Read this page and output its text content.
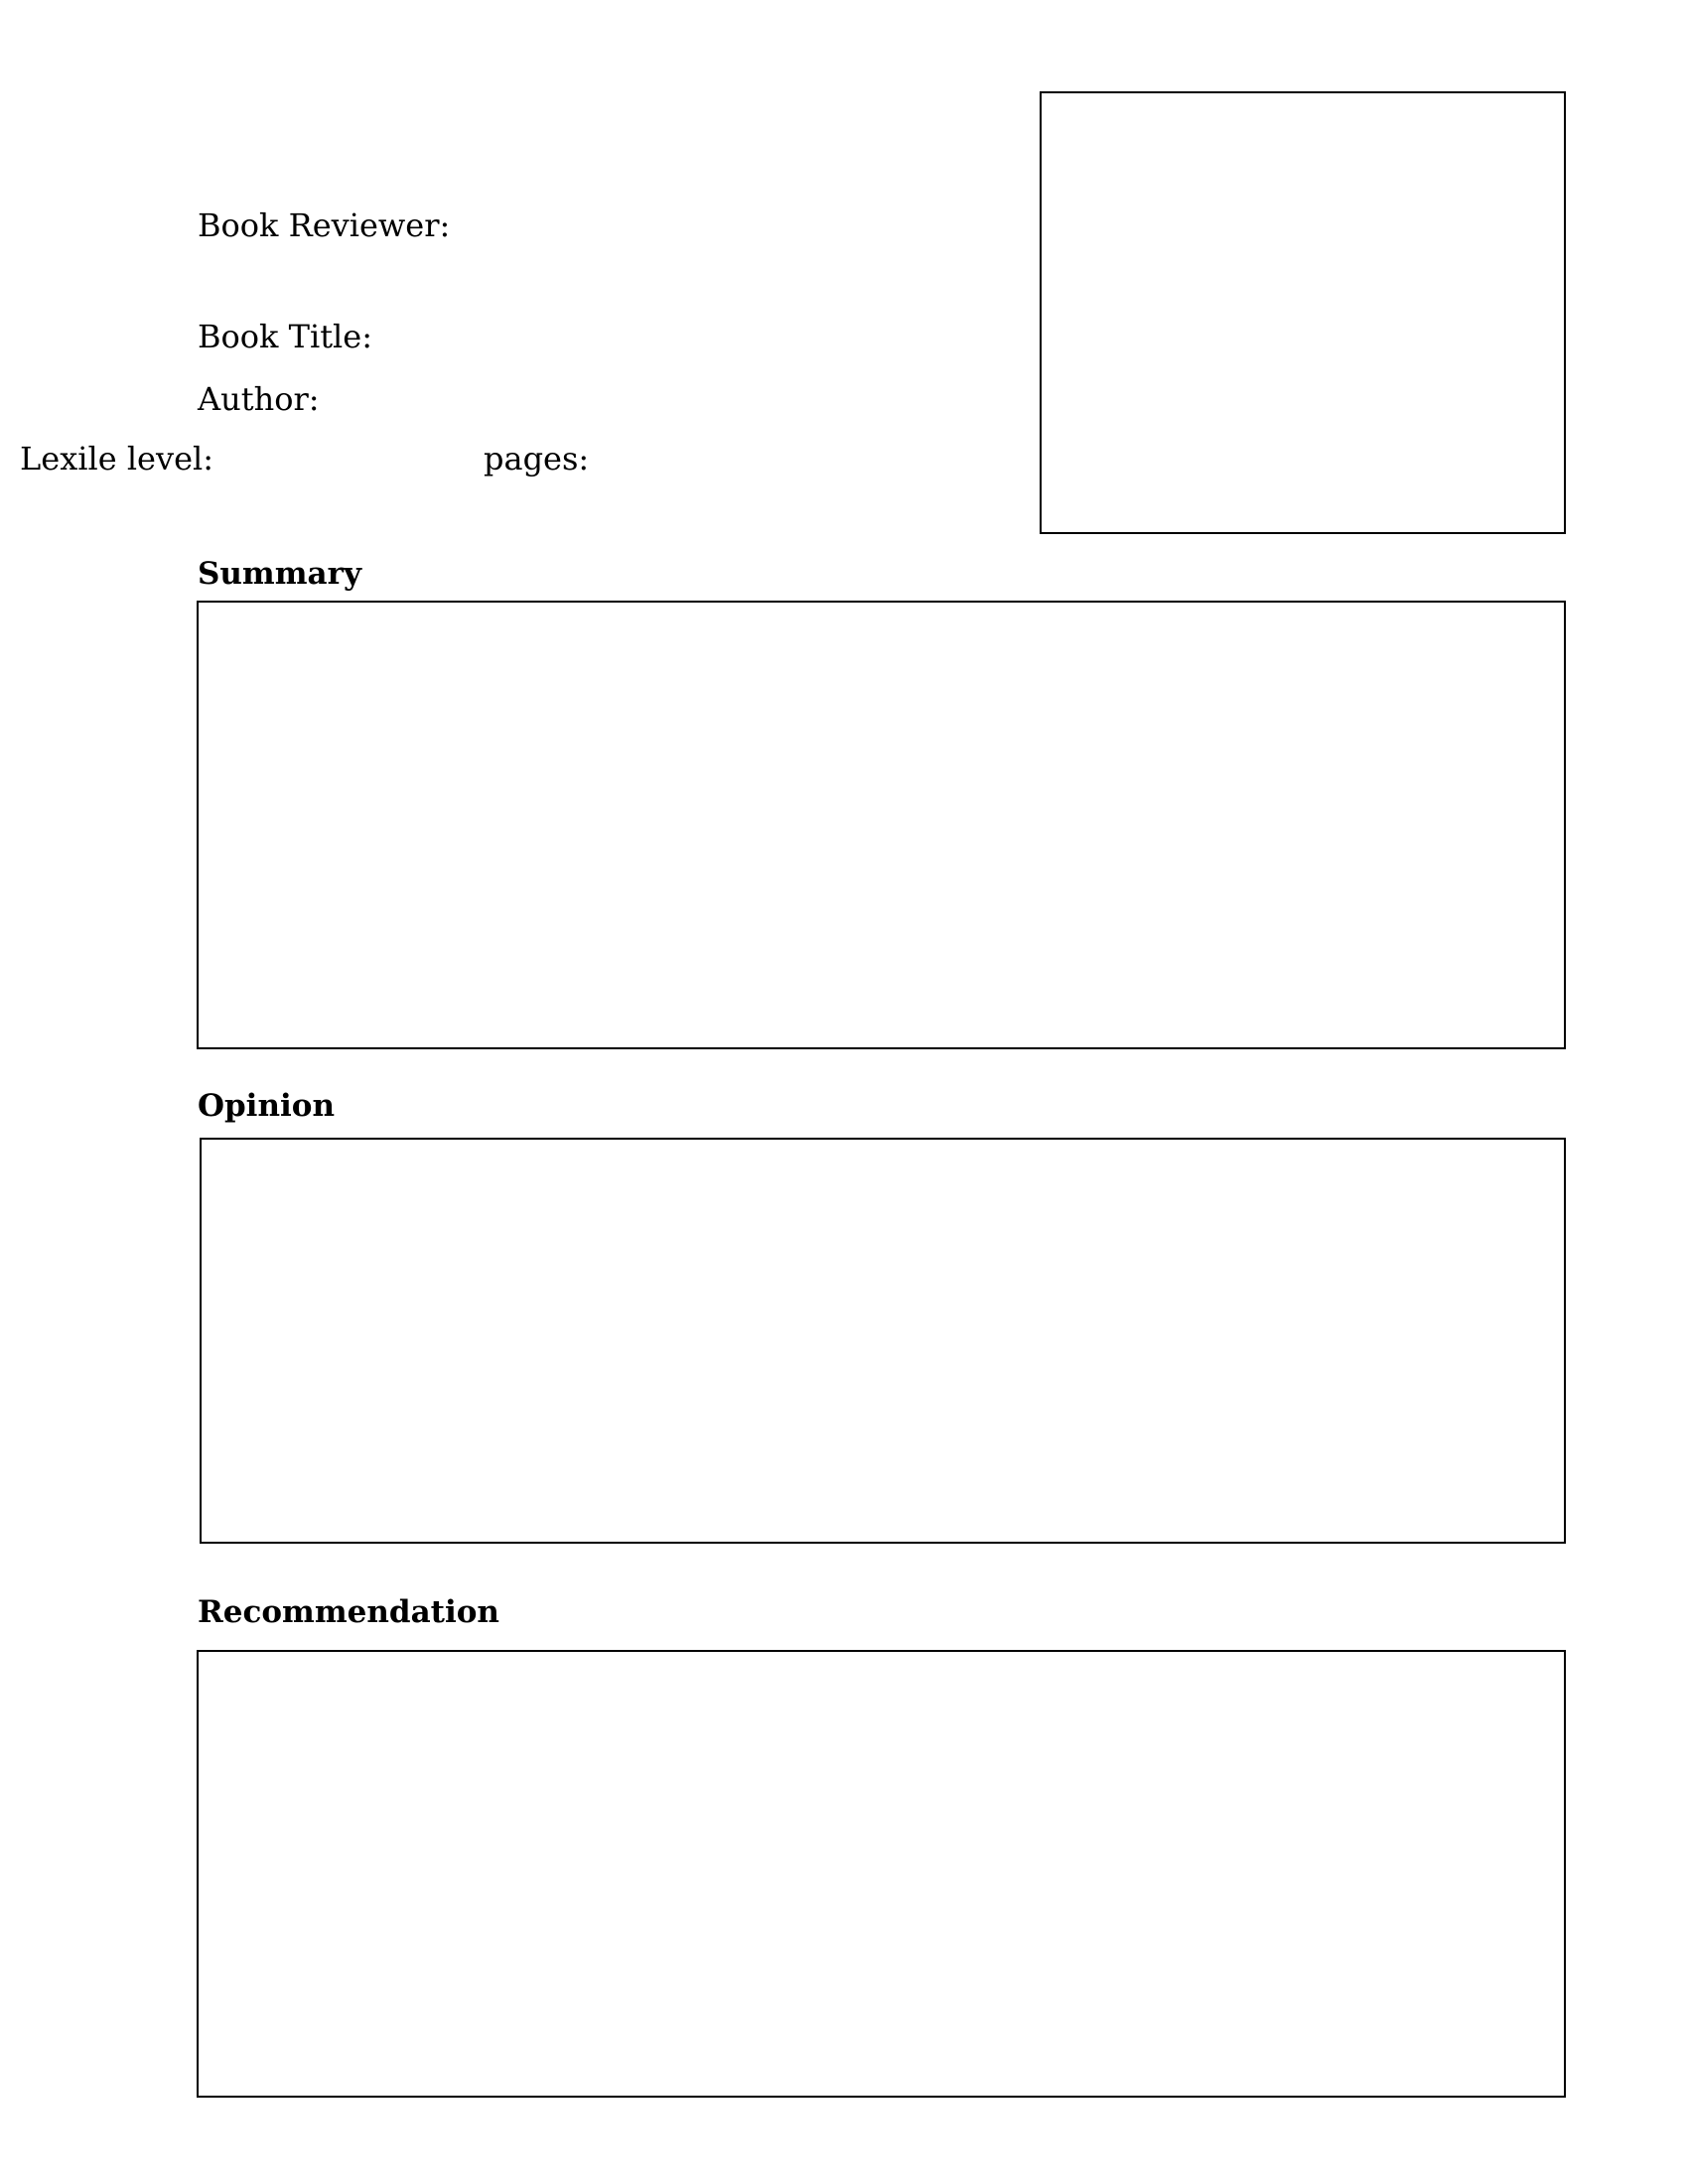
Book Reviewer:
Book Title:
Author:
Lexile level:	pages:
Summary
Opinion
Recommendation
